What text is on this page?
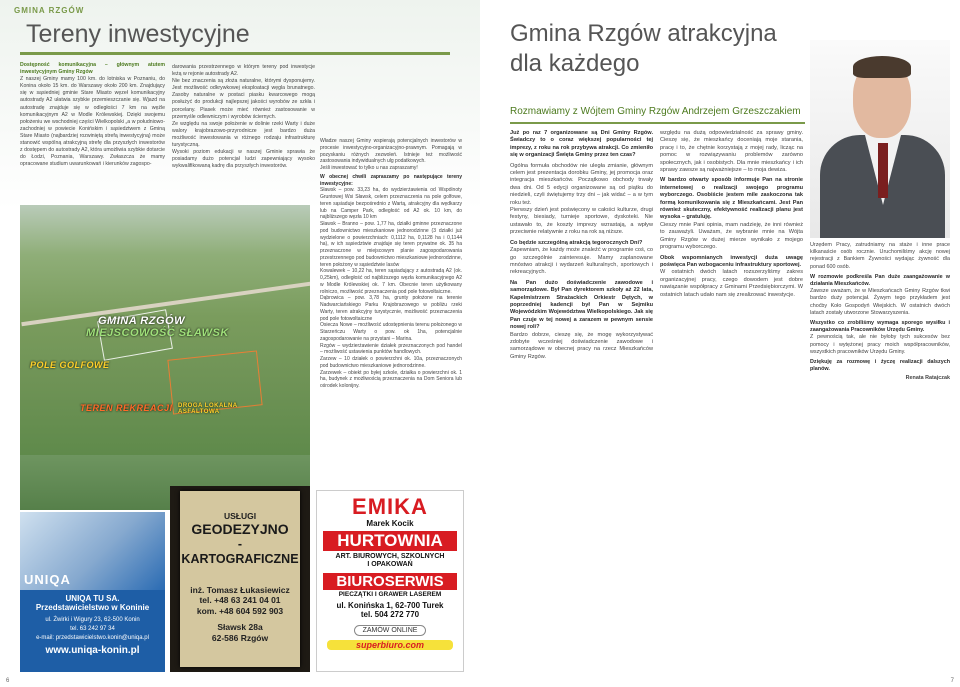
GMINA RZGÓW
Tereny inwestycyjne
Dostępność komunikacyjna – głównym atutem inwestycyjnym Gminy Rzgów
Z naszej Gminy mamy 100 km. do lotniska w Poznaniu, do Konina około 15 km. do Warszawy około 200 km. Znajdujący się w sąsiedniej gminie Stare Miasto węzeł komunikacyjny autostrady A2 ułatwia szybkie przemieszczanie się. Wjazd na autostradę znajduje się w odległości 7 km na węźle komunikacyjnym A2 w Modle Królewskiej. Dzięki swojemu położeniu we wschodniej części Wielkopolski „a w południowo-zachodniej w powiecie Konińskim i sąsiedztwem z Gminą Stare Miasto (najbardziej rozwiniętą strefą inwestycyjną) może stanowić wspólną atrakcyjną strefę dla przyszłych inwestorów z dostępem do autostrady A2, która umożliwia szybkie dotarcie do Łodzi, Poznania, Warszawy. Zwłaszcza że mamy opracowane studium uwarunkowań i kierunków zagospo-
darowania przestrzennego w którym tereny pod inwestycje leżą w rejonie autostrady A2.
Nie bez znaczenia są złoża naturalne, którymi dysponujemy. Jest możliwość odkrywkowej eksploatacji węgla brunatnego. Zasoby naturalne w postaci piasku kwarcowego mogą posłużyć do produkcji najlepszej jakości wyrobów ze szkła i porcelany. Piasek może mieć również zastosowanie w przemyśle odlewniczym i wyrobów ściernych.
Ze względu na swoje położenie w dolinie rzeki Warty i duże walory krajobrazowo-przyrodnicze jest bardzo duża możliwość inwestowania w różnego rodzaju infrastrukturę turystyczną.
Wysoki poziom edukacji w naszej Gminie sprawia że posiadamy dużo potencjał ludzi zapewniający wysoko wykwalifikowaną kadrę dla przyszłych inwestorów.
Władze naszej Gminy wspierają potencjalnych inwestorów w procesie inwestycyjno-organizacyjno-prawnym. Pomagają w pozyskaniu różnych zezwoleń. Istnieje też możliwość zastosowania indywidualnych ulg podatkowych.
Jeśli inwestować to tylko u nas zapraszamy!
W obecnej chwili zapraszamy po następujące tereny inwestycyjne:
Sławsk – pow. 33,23 ha, do wydzierżawienia od Wspólnoty Gruntowej Wsi Sławsk, celem przeznaczenia na pole golfowe, teren sąsiaduje bezpośrednio z Wartą, atrakcyjny dla wędkarzy lub na Camper Park, odległość od A2 ok. 10 km, do najbliższego węzła 10 km
Sławsk – Branno – pow. 1,77 ha, działki gminne przeznaczone pod budownictwo mieszkaniowe jednorodzinne (3 działki już wydzielone o powierzchniach: 0,1112 ha, 0,1128 ha i 0,1144 ha), w ich sąsiedztwie znajduje się teren prywatne ok. 35 ha przeznaczone w miejscowym planie zagospodarowania przestrzennego pod budownictwo mieszkaniowe jednorodzinne, teren położony w sąsiedztwie lasów
Kowalewek – 10,22 ha, teren sąsiadujący z autostradą A2 (ok. 0,25km), odległość od najbliższego węzła komunikacyjnego A2 w Modle Królewskiej ok. 7 km. Obecnie teren użytkowany rolniczo, możliwość przeznaczenia pod pole fotowoltaiczne.
Dąbrowica – pow. 3,78 ha, grunty położone na terenie Nadwarciańskiego Parku Krajobrazowego w pobliżu rzeki Warty, teren atrakcyjny turystycznie, możliwość przeznaczenia pod pole fotowoltaiczne
Osiecza Nowe – możliwość udostępnienia terenu położonego w Starzeńczu Warty o pow. ok 1ha, potencjalnie zagospodarowanie na przystani – Marina.
Rzgów – wydzierżawienie działek przeznaczonych pod handel – możliwość ustawienia punktów handlowych.
Zarzew – 10 działek o powierzchni ok. 10a, przeznaczonych pod budownictwo mieszkaniowe jednorodzinne.
Zarzewek – obiekt po byłej szkole, działka o powierzchni ok. 1 ha, budynek z możliwością przeznaczenia na Dom Seniora lub ośrodek kolonijny.
GMINA RZGÓW
MIEJSCOWOŚĆ SŁAWSK
POLE GOLFOWE
TEREN REKREACJI DROGA LOKALNA ASFALTOWA
UNIQA

UNIQA TU SA.

Przedstawicielstwo w Koninie

ul. Żwirki i Wigury 23, 62-500 Konin

tel. 63 242 97 34

e-mail: przedstawicielstwo.konin@uniqa.pl

www.uniqa-konin.pl

USŁUGI
GEODEZYJNO
-KARTOGRAFICZNE
inż. Tomasz Łukasiewicz
tel. +48 63 241 04 01
kom. +48 604 592 903
Sławsk 28a
62-586 Rzgów
EMIKA
Marek Kocik
HURTOWNIA
ART. BIUROWYCH, SZKOLNYCH
I OPAKOWAŃ
BIUROSERWIS
PIECZĄTKI I GRAWER LASEREM
ul. Konińska 1, 62-700 Turek
tel. 504 272 770
ZAMÓW ONLINE
superbiuro.com
6
Gmina Rzgów atrakcyjna
dla każdego
Rozmawiamy z Wójtem Gminy Rzgów Andrzejem Grzeszczakiem
Już po raz 7 organizowane są Dni Gminy Rzgów. Świadczy to o coraz większej popularności tej imprezy, z roku na rok przybywa atrakcji. Co zmieniło się w organizacji Święta Gminy przez ten czas?
Ogólna formuła obchodów nie uległa zmianie, głównym celem jest prezentacja dorobku Gminy, jej promocja oraz integracja mieszkańców. Początkowo obchody trwały dwa dni. Od 5 edycji organizowane są od piątku do niedzieli, czyli świętujemy trzy dni – jak widać – a w tym roku też.
Pierwszy dzień jest poświęcony w całości kulturze, drugi festyny, biesiady, turnieje sportowe, dyskoteki. Nie ustawało to, że koszty imprezy wzrastają, a wpływ przeciwnie relatywnie z roku na rok są niższe.
Co będzie szczególną atrakcją tegorocznych Dni?
Zapewniam, że każdy może znaleźć w programie coś, co go szczególnie zainteresuje. Mamy zaplanowane mnóstwo atrakcji i wydarzeń kulturalnych, sportowych i rekreacyjnych.
Na Pan dużo doświadczenie zawodowe i samorządowe. Był Pan dyrektorem szkoły aż 22 lata, Kapelmistrzem Strażackich Orkiestr Dętych, w poprzedniej kadencji był Pan w Sejmiku Wojewódzkim Województwa Wielkopolskiego. Jak się Pan czuje w tej nowej a zarazem w pewnym sensie nowej roli?
Bardzo dobrze, cieszę się, że mogę wykorzystywać zdobyte wcześniej doświadczenie zawodowe i samorządowe w obecnej pracy na rzecz Mieszkańców Gminy Rzgów.
względu na dużą odpowiedzialność za sprawy gminy. Cieszę się, że mieszkańcy doceniają moje starania, pracę i to, że chętnie korzystają z mojej rady, licząc na pomoc w rozwiązywaniu problemów zarówno społecznych, jak i osobistych. Dla mnie mieszkańcy i ich sprawy zawsze są najważniejsze – to moja dewiza.
W bardzo otwarty sposób informuje Pan na stronie internetowej o realizacji swojego programu wyborczego. Osobiście jestem mile zaskoczona tak formą komunikowania się z Mieszkańcami. Jest Pan również skuteczny, efektywność realizacji planu jest wysoka – gratuluję.
Cieszy mnie Pani opinia, mam nadzieję, że inni również to zauważyli. Uważam, że wybranie mnie na Wójta Gminy Rzgów w dużej mierze wynikało z mojego programu wyborczego.
Obok wspomnianych inwestycji duża uwagę poświęca Pan wzbogaceniu infrastruktury sportowej.
W ostatnich dwóch latach rozszerzyliśmy zakres organizacyjnej pracy, czego dowodem jest dobre nawiązanie współpracy z Gminami Przedsiębiorczymi. W ostatnich latach udało nam się zrealizować inwestycje.
Urzędem Pracy, zatrudniamy na staże i inne prace kilkanaście osób rocznie. Uruchomiliśmy akcję nowej rejestracji z Bankiem Żywności wydając żywność dla ponad 600 osób.
W rozmowie podkreśla Pan duże zaangażowanie w działania Mieszkańców.
Zawsze uważam, że w Mieszkańcach Gminy Rzgów tkwi bardzo duży potencjał. Żywym tego przykładem jest choćby Koło Gospodyń Wiejskich. W ostatnich dwóch latach zostały utworzone Stowarzyszenia.
Wszystko co zrobiliśmy wymaga sporego wysiłku i zaangażowania Pracowników Urzędu Gminy.
Z pewnością tak, ale nie byłoby tych sukcesów bez pomocy i wytężonej pracy moich współpracowników, wszystkich pracowników Urzędu Gminy.
Dziękuję za rozmowę i życzę realizacji dalszych planów.
Renata Ratajczak
7
